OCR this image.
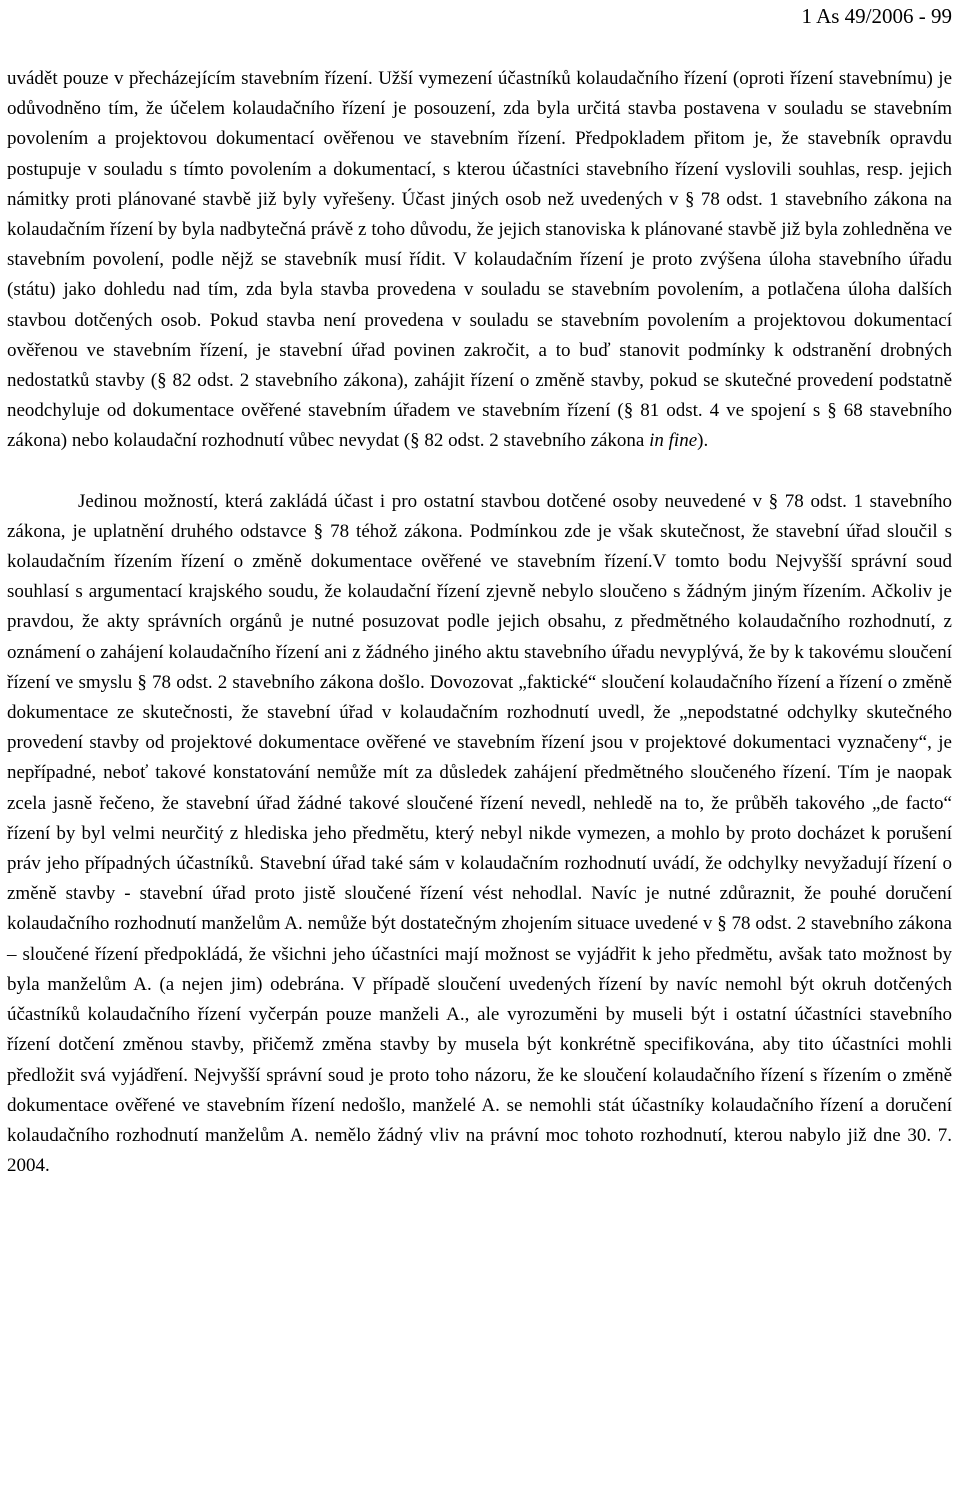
1 As 49/2006 - 99

uvádět pouze v přecházejícím stavebním řízení. Užší vymezení účastníků kolaudačního řízení (oproti řízení stavebnímu) je odůvodněno tím, že účelem kolaudačního řízení je posouzení, zda byla určitá stavba postavena v souladu se stavebním povolením a projektovou dokumentací ověřenou ve stavebním řízení. Předpokladem přitom je, že stavebník opravdu postupuje v souladu s tímto povolením a dokumentací, s kterou účastníci stavebního řízení vyslovili souhlas, resp. jejich námitky proti plánované stavbě již byly vyřešeny. Účast jiných osob než uvedených v § 78 odst. 1 stavebního zákona na kolaudačním řízení by byla nadbytečná právě z toho důvodu, že jejich stanoviska k plánované stavbě již byla zohledněna ve stavebním povolení, podle nějž se stavebník musí řídit. V kolaudačním řízení je proto zvýšena úloha stavebního úřadu (státu) jako dohledu nad tím, zda byla stavba provedena v souladu se stavebním povolením, a potlačena úloha dalších stavbou dotčených osob. Pokud stavba není provedena v souladu se stavebním povolením a projektovou dokumentací ověřenou ve stavebním řízení, je stavební úřad povinen zakročit, a to buď stanovit podmínky k odstranění drobných nedostatků stavby (§ 82 odst. 2 stavebního zákona), zahájit řízení o změně stavby, pokud se skutečné provedení podstatně neodchyluje od dokumentace ověřené stavebním úřadem ve stavebním řízení (§ 81 odst. 4 ve spojení s § 68 stavebního zákona) nebo kolaudační rozhodnutí vůbec nevydat (§ 82 odst. 2 stavebního zákona in fine).

Jedinou možností, která zakládá účast i pro ostatní stavbou dotčené osoby neuvedené v § 78 odst. 1 stavebního zákona, je uplatnění druhého odstavce § 78 téhož zákona. Podmínkou zde je však skutečnost, že stavební úřad sloučil s kolaudačním řízením řízení o změně dokumentace ověřené ve stavebním řízení.V tomto bodu Nejvyšší správní soud souhlasí s argumentací krajského soudu, že kolaudační řízení zjevně nebylo sloučeno s žádným jiným řízením. Ačkoliv je pravdou, že akty správních orgánů je nutné posuzovat podle jejich obsahu, z předmětného kolaudačního rozhodnutí, z oznámení o zahájení kolaudačního řízení ani z žádného jiného aktu stavebního úřadu nevyplývá, že by k takovému sloučení řízení ve smyslu § 78 odst. 2 stavebního zákona došlo. Dovozovat „faktické“ sloučení kolaudačního řízení a řízení o změně dokumentace ze skutečnosti, že stavební úřad v kolaudačním rozhodnutí uvedl, že „nepodstatné odchylky skutečného provedení stavby od projektové dokumentace ověřené ve stavebním řízení jsou v projektové dokumentaci vyznačeny“, je nepřípadné, neboť takové konstatování nemůže mít za důsledek zahájení předmětného sloučeného řízení. Tím je naopak zcela jasně řečeno, že stavební úřad žádné takové sloučené řízení nevedl, nehledě na to, že průběh takového „de facto“ řízení by byl velmi neurčitý z hlediska jeho předmětu, který nebyl nikde vymezen, a mohlo by proto docházet k porušení práv jeho případných účastníků. Stavební úřad také sám v kolaudačním rozhodnutí uvádí, že odchylky nevyžadují řízení o změně stavby - stavební úřad proto jistě sloučené řízení vést nehodlal. Navíc je nutné zdůraznit, že pouhé doručení kolaudačního rozhodnutí manželům A. nemůže být dostatečným zhojením situace uvedené v § 78 odst. 2 stavebního zákona – sloučené řízení předpokládá, že všichni jeho účastníci mají možnost se vyjádřit k jeho předmětu, avšak tato možnost by byla manželům A. (a nejen jim) odebrána. V případě sloučení uvedených řízení by navíc nemohl být okruh dotčených účastníků kolaudačního řízení vyčerpán pouze manželi A., ale vyrozuměni by museli být i ostatní účastníci stavebního řízení dotčení změnou stavby, přičemž změna stavby by musela být konkrétně specifikována, aby tito účastníci mohli předložit svá vyjádření. Nejvyšší správní soud je proto toho názoru, že ke sloučení kolaudačního řízení s řízením o změně dokumentace ověřené ve stavebním řízení nedošlo, manželé A. se nemohli stát účastníky kolaudačního řízení a doručení kolaudačního rozhodnutí manželům A. nemělo žádný vliv na právní moc tohoto rozhodnutí, kterou nabylo již dne 30. 7. 2004.
